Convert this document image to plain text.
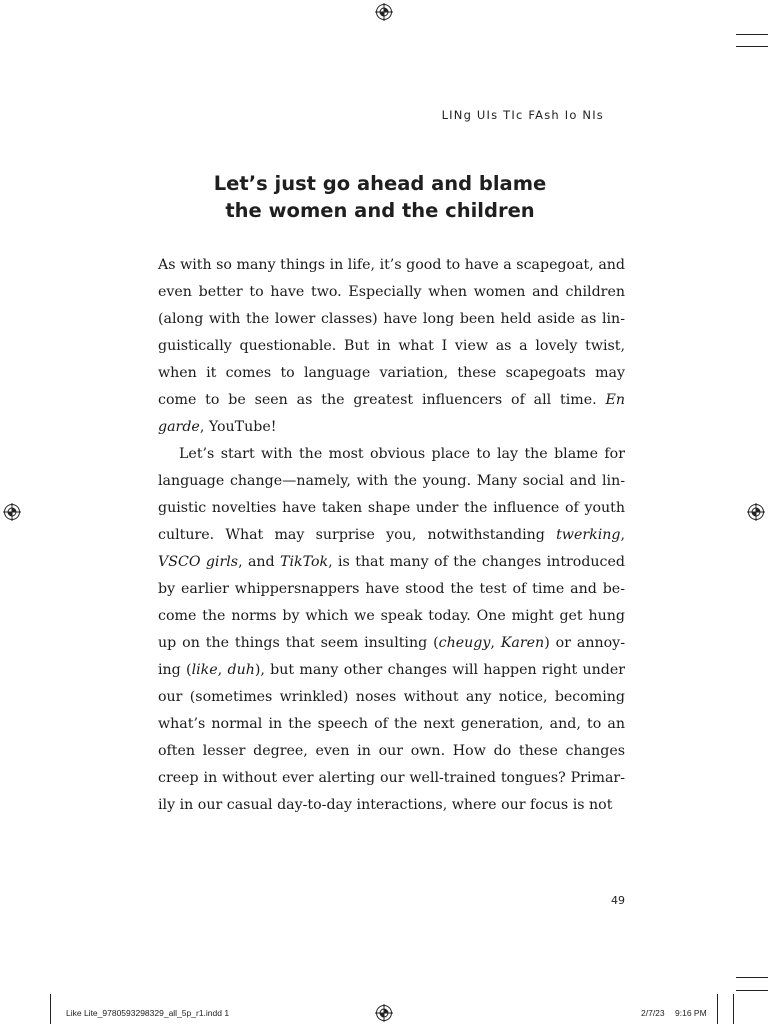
LINg UIs TIc FAsh Io NIs
Let’s just go ahead and blame
the women and the children

As with so many things in life, it’s good to have a scapegoat, and even better to have two. Especially when women and children (along with the lower classes) have long been held aside as lin- guistically questionable. But in what I view as a lovely twist, when it comes to language variation, these scapegoats may come to be seen as the greatest influencers of all time. En garde, YouTube!

Let’s start with the most obvious place to lay the blame for language change—namely, with the young. Many social and lin- guistic novelties have taken shape under the influence of youth culture. What may surprise you, notwithstanding twerking, VSCO girls, and TikTok, is that many of the changes introduced by earlier whippersnappers have stood the test of time and be- come the norms by which we speak today. One might get hung up on the things that seem insulting (cheugy, Karen) or annoy- ing (like, duh), but many other changes will happen right under our (sometimes wrinkled) noses without any notice, becoming what’s normal in the speech of the next generation, and, to an often lesser degree, even in our own. How do these changes creep in without ever alerting our well-trained tongues? Primar- ily in our casual day-to-day interactions, where our focus is not

49
Like Lite_9780593298329_all_5p_r1.indd 1	2/7/23 9:16 PM
